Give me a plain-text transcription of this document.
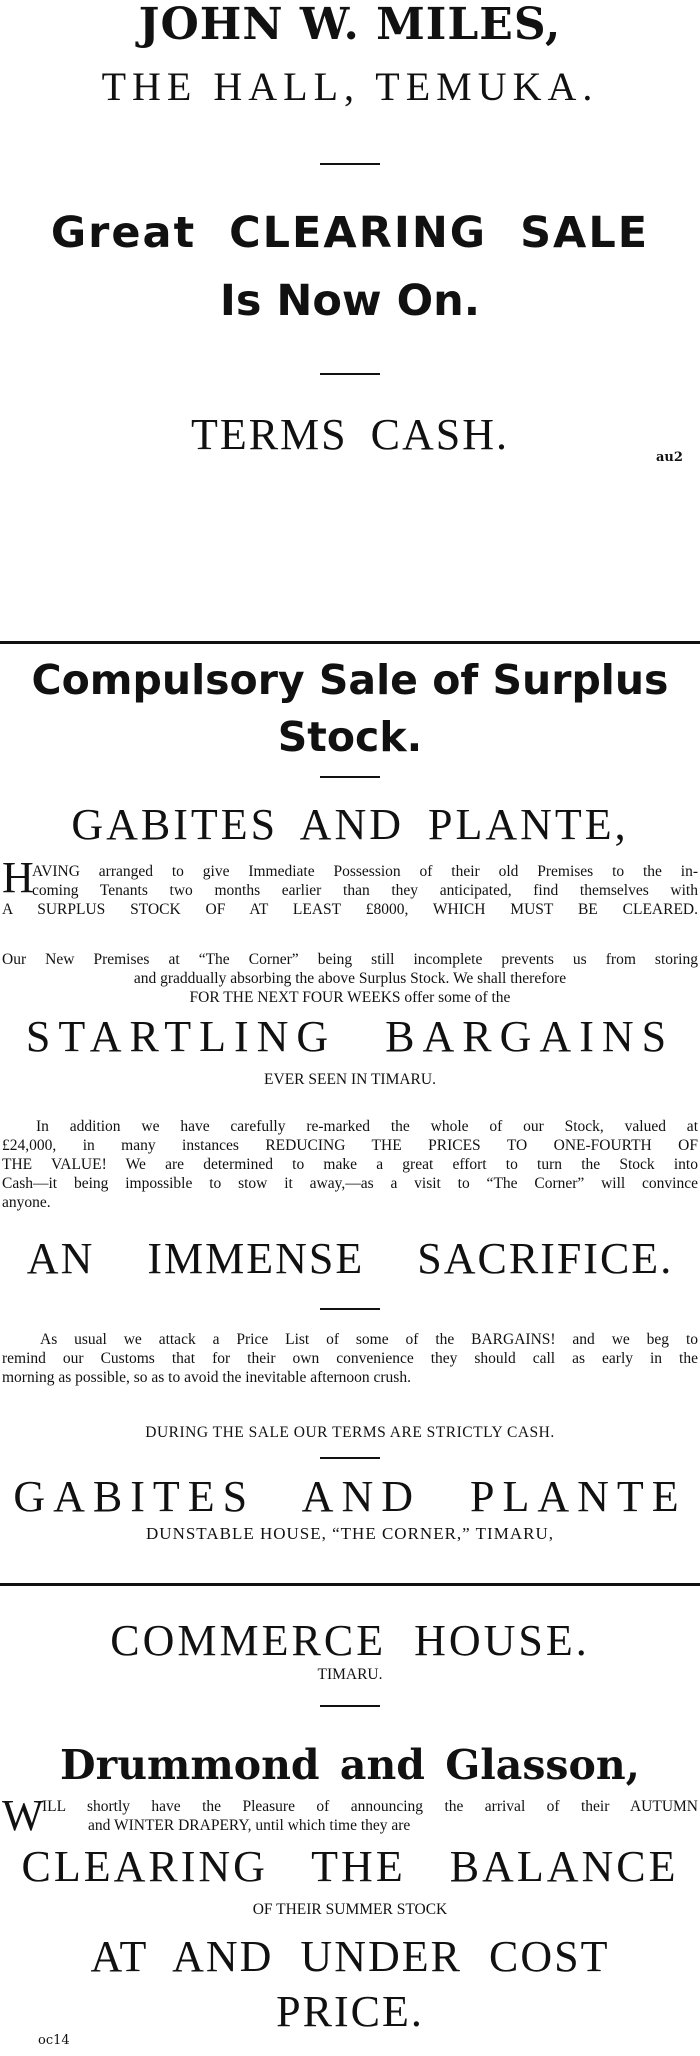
JOHN W. MILES,
THE HALL, TEMUKA.
Great CLEARING SALE
Is Now On.
TERMS CASH.	au2
Compulsory Sale of Surplus
Stock.
GABITES AND PLANTE,
H
AVING arranged to give Immediate Possession of their old Premises to the in-
coming Tenants two months earlier than they anticipated, find themselves with
A SURPLUS STOCK OF AT LEAST £8000, WHICH MUST BE CLEARED.
Our New Premises at “The Corner” being still incomplete prevents us from storing
and graddually absorbing the above Surplus Stock. We shall therefore
FOR THE NEXT FOUR WEEKS offer some of the
STARTLING BARGAINS
EVER SEEN IN TIMARU.
In addition we have carefully re-marked the whole of our Stock, valued at
£24,000, in many instances REDUCING THE PRICES TO ONE-FOURTH OF
THE VALUE! We are determined to make a great effort to turn the Stock into
Cash—it being impossible to stow it away,—as a visit to “The Corner” will convince
anyone.
AN IMMENSE SACRIFICE.
As usual we attack a Price List of some of the BARGAINS! and we beg to
remind our Customs that for their own convenience they should call as early in the
morning as possible, so as to avoid the inevitable afternoon crush.
DURING THE SALE OUR TERMS ARE STRICTLY CASH.
GABITES AND PLANTE
DUNSTABLE HOUSE, “THE CORNER,” TIMARU,
COMMERCE HOUSE.
TIMARU.
Drummond and Glasson,
W
ILL shortly have the Pleasure of announcing the arrival of their AUTUMN
and WINTER DRAPERY, until which time they are
CLEARING THE BALANCE
OF THEIR SUMMER STOCK
AT AND UNDER COST
PRICE.
oc14
